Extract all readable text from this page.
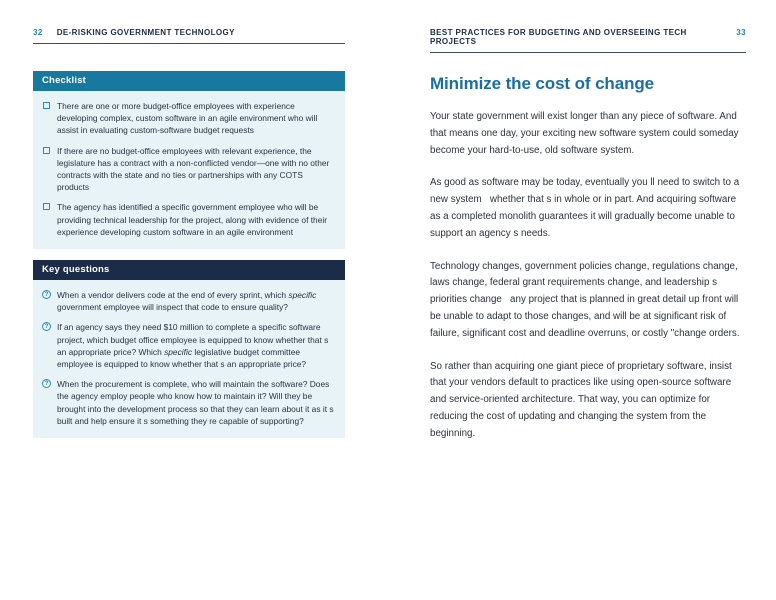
32 DE-RISKING GOVERNMENT TECHNOLOGY
Checklist
There are one or more budget-office employees with experience developing complex, custom software in an agile environment who will assist in evaluating custom-software budget requests
If there are no budget-office employees with relevant experience, the legislature has a contract with a non-conflicted vendor—one with no other contracts with the state and no ties or partnerships with any COTS products
The agency has identified a specific government employee who will be providing technical leadership for the project, along with evidence of their experience developing custom software in an agile environment
Key questions
? When a vendor delivers code at the end of every sprint, which specific government employee will inspect that code to ensure quality?
? If an agency says they need $10 million to complete a specific software project, which budget office employee is equipped to know whether that s an appropriate price? Which specific legislative budget committee employee is equipped to know whether that s an appropriate price?
? When the procurement is complete, who will maintain the software? Does the agency employ people who know how to maintain it? Will they be brought into the development process so that they can learn about it as it s built and help ensure it s something they re capable of supporting?
BEST PRACTICES FOR BUDGETING AND OVERSEEING TECH PROJECTS
33
Minimize the cost of change

Your state government will exist longer than any piece of software. And that means one day, your exciting new software system could someday become your hard-to-use, old software system.

As good as software may be today, eventually you ll need to switch to a new system   whether that s in whole or in part. And acquiring software as a completed monolith guarantees it will gradually become unable to support an agency s needs.

Technology changes, government policies change, regulations change, laws change, federal grant requirements change, and leadership s priorities change   any project that is planned in great detail up front will be unable to adapt to those changes, and will be at significant risk of failure, significant cost and deadline overruns, or costly "change orders.

So rather than acquiring one giant piece of proprietary software, insist that your vendors default to practices like using open-source software and service-oriented architecture. That way, you can optimize for reducing the cost of updating and changing the system from the beginning.
